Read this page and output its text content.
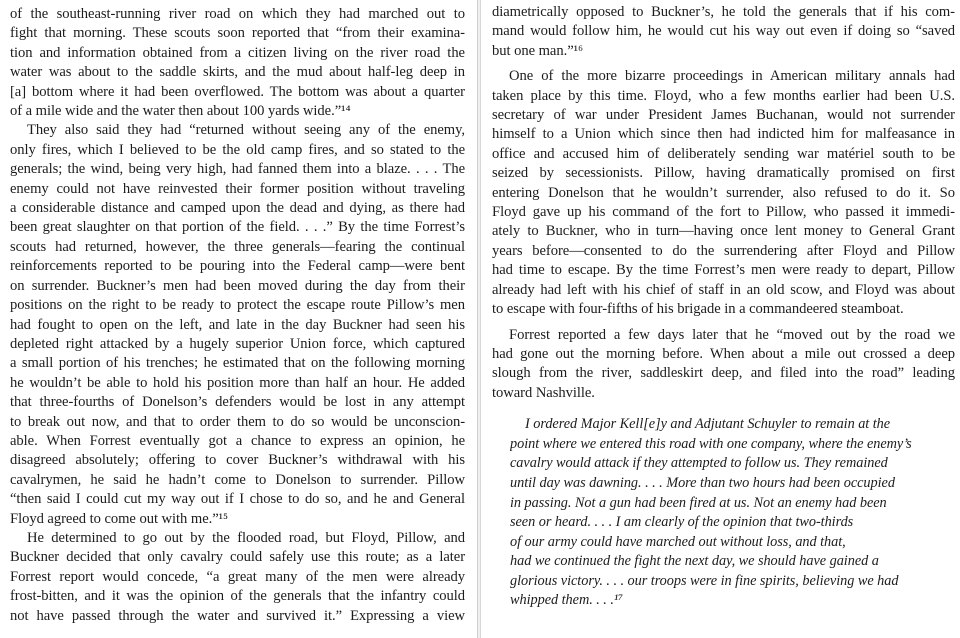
of the southeast-running river road on which they had marched out to
fight that morning. These scouts soon reported that “from their examina-
tion and information obtained from a citizen living on the river road the
water was about to the saddle skirts, and the mud about half-leg deep in
[a] bottom where it had been overflowed. The bottom was about a quarter
of a mile wide and the water then about 100 yards wide.”¹⁴
They also said they had “returned without seeing any of the enemy,
only fires, which I believed to be the old camp fires, and so stated to the
generals; the wind, being very high, had fanned them into a blaze. . . . The
enemy could not have reinvested their former position without traveling
a considerable distance and camped upon the dead and dying, as there had
been great slaughter on that portion of the field. . . .” By the time Forrest’s
scouts had returned, however, the three generals—fearing the continual
reinforcements reported to be pouring into the Federal camp—were bent
on surrender. Buckner’s men had been moved during the day from their
positions on the right to be ready to protect the escape route Pillow’s men
had fought to open on the left, and late in the day Buckner had seen his
depleted right attacked by a hugely superior Union force, which captured
a small portion of his trenches; he estimated that on the following morning
he wouldn’t be able to hold his position more than half an hour. He added
that three-fourths of Donelson’s defenders would be lost in any attempt
to break out now, and that to order them to do so would be unconscion-
able. When Forrest eventually got a chance to express an opinion, he
disagreed absolutely; offering to cover Buckner’s withdrawal with his
cavalrymen, he said he hadn’t come to Donelson to surrender. Pillow
“then said I could cut my way out if I chose to do so, and he and General
Floyd agreed to come out with me.”¹⁵
He determined to go out by the flooded road, but Floyd, Pillow, and
Buckner decided that only cavalry could safely use this route; as a later
Forrest report would concede, “a great many of the men were already
frost-bitten, and it was the opinion of the generals that the infantry could
not have passed through the water and survived it.” Expressing a view
diametrically opposed to Buckner’s, he told the generals that if his com-
mand would follow him, he would cut his way out even if doing so “saved
but one man.”¹⁶
One of the more bizarre proceedings in American military annals had
taken place by this time. Floyd, who a few months earlier had been U.S.
secretary of war under President James Buchanan, would not surrender
himself to a Union which since then had indicted him for malfeasance in
office and accused him of deliberately sending war matériel south to be
seized by secessionists. Pillow, having dramatically promised on first
entering Donelson that he wouldn’t surrender, also refused to do it. So
Floyd gave up his command of the fort to Pillow, who passed it immedi-
ately to Buckner, who in turn—having once lent money to General Grant
years before—consented to do the surrendering after Floyd and Pillow
had time to escape. By the time Forrest’s men were ready to depart, Pillow
already had left with his chief of staff in an old scow, and Floyd was about
to escape with four-fifths of his brigade in a commandeered steamboat.
Forrest reported a few days later that he “moved out by the road we
had gone out the morning before. When about a mile out crossed a deep
slough from the river, saddleskirt deep, and filed into the road” leading
toward Nashville.
I ordered Major Kell[e]y and Adjutant Schuyler to remain at the
point where we entered this road with one company, where the enemy’s
cavalry would attack if they attempted to follow us. They remained
until day was dawning. . . . More than two hours had been occupied
in passing. Not a gun had been fired at us. Not an enemy had been
seen or heard. . . . I am clearly of the opinion that two-thirds
of our army could have marched out without loss, and that,
had we continued the fight the next day, we should have gained a
glorious victory. . . . our troops were in fine spirits, believing we had
whipped them. . . .¹⁷
